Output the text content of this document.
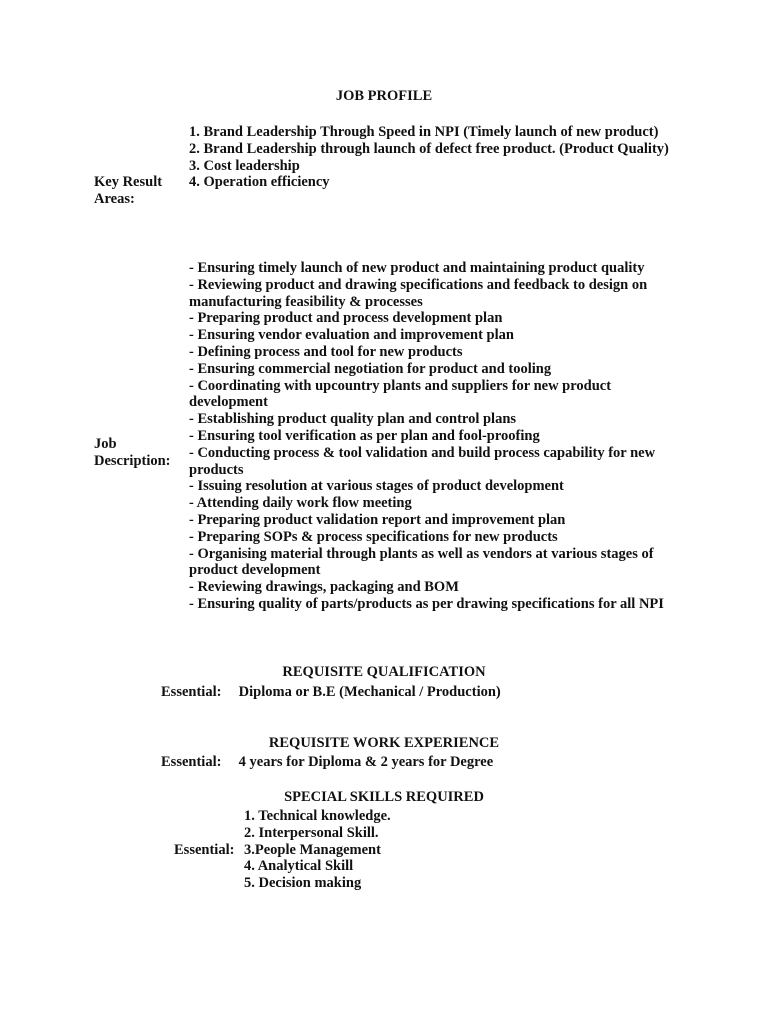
JOB PROFILE
Key Result
Areas:
1. Brand Leadership Through Speed in NPI (Timely launch of new product)
2. Brand Leadership through launch of defect free product. (Product Quality)
3. Cost leadership
4. Operation efficiency
Job
Description:
- Ensuring timely launch of new product and maintaining product quality
- Reviewing product and drawing specifications and feedback to design on manufacturing feasibility & processes
- Preparing product and process development plan
- Ensuring vendor evaluation and improvement plan
- Defining process and tool for new products
- Ensuring commercial negotiation for product and tooling
- Coordinating with upcountry plants and suppliers for new product development
- Establishing product quality plan and control plans
- Ensuring tool verification as per plan and fool-proofing
- Conducting process & tool validation and build process capability for new products
- Issuing resolution at various stages of product development
- Attending daily work flow meeting
- Preparing product validation report and improvement plan
- Preparing SOPs & process specifications for new products
- Organising material through plants as well as vendors at various stages of product development
- Reviewing drawings, packaging and BOM
- Ensuring quality of parts/products as per drawing specifications for all NPI
REQUISITE QUALIFICATION
Essential: Diploma or B.E (Mechanical / Production)
REQUISITE WORK EXPERIENCE
Essential: 4 years for Diploma & 2 years for Degree
SPECIAL SKILLS REQUIRED
Essential:
1. Technical knowledge.
2. Interpersonal Skill.
3.People Management
4. Analytical Skill
5. Decision making
